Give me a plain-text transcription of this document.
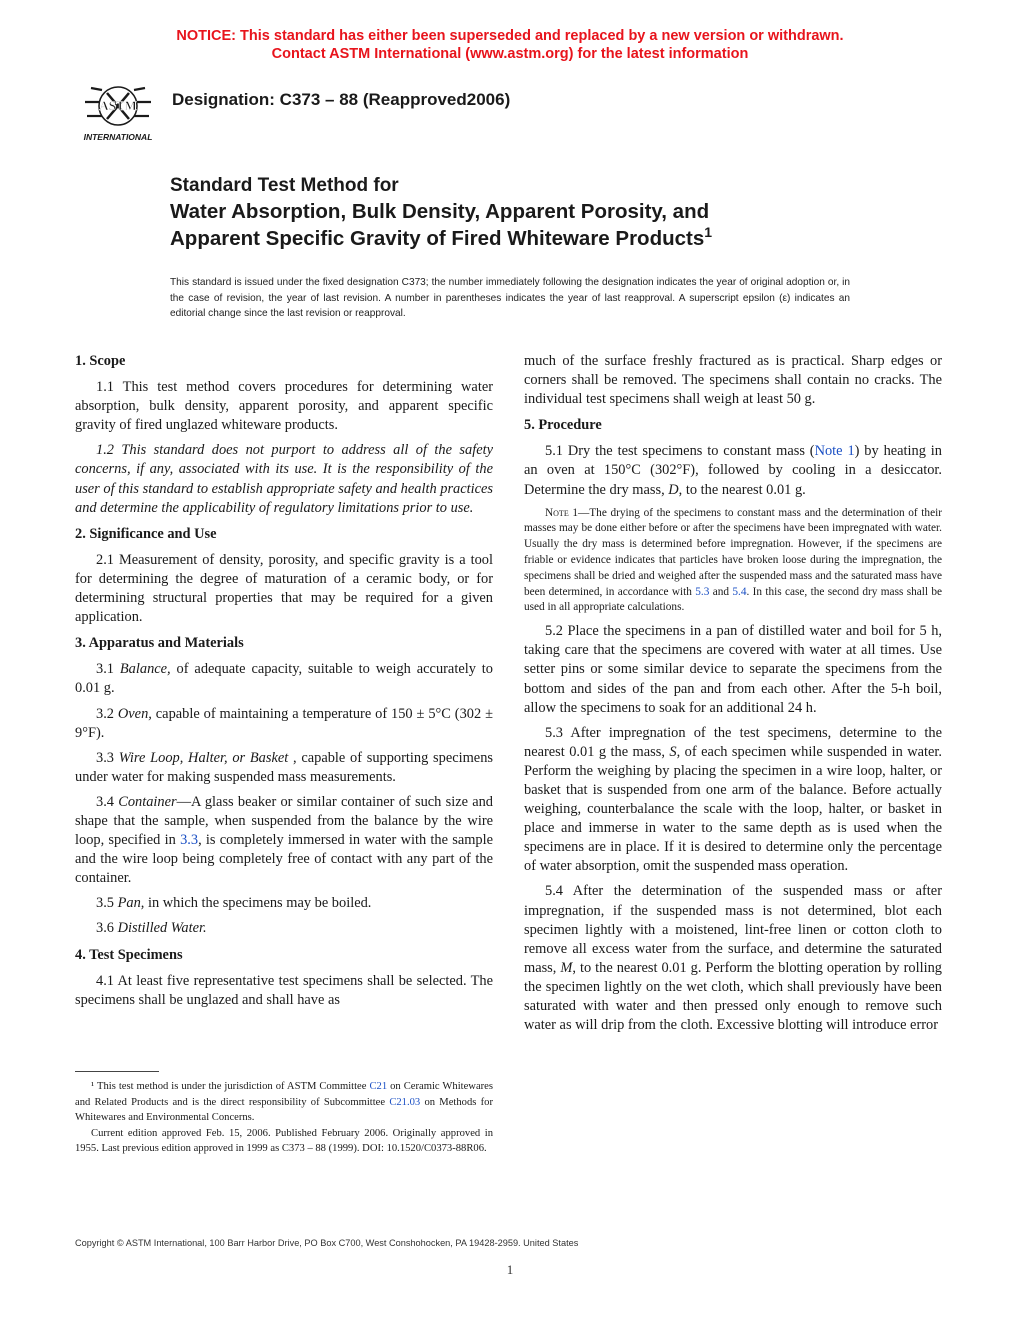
NOTICE: This standard has either been superseded and replaced by a new version or withdrawn.
Contact ASTM International (www.astm.org) for the latest information
ASTM
INTERNATIONAL
Designation: C373 – 88 (Reapproved2006)
Standard Test Method for
Water Absorption, Bulk Density, Apparent Porosity, and
Apparent Specific Gravity of Fired Whiteware Products$^1$
This standard is issued under the fixed designation C373; the number immediately following the designation indicates the year of original adoption or, in the case of revision, the year of last revision. A number in parentheses indicates the year of last reapproval. A superscript epsilon (ε) indicates an editorial change since the last revision or reapproval.
1. Scope

1.1 This test method covers procedures for determining water absorption, bulk density, apparent porosity, and apparent specific gravity of fired unglazed whiteware products.

1.2 This standard does not purport to address all of the safety concerns, if any, associated with its use. It is the responsibility of the user of this standard to establish appropriate safety and health practices and determine the applicability of regulatory limitations prior to use.

2. Significance and Use

2.1 Measurement of density, porosity, and specific gravity is a tool for determining the degree of maturation of a ceramic body, or for determining structural properties that may be required for a given application.

3. Apparatus and Materials

3.1 Balance, of adequate capacity, suitable to weigh accurately to 0.01 g.

3.2 Oven, capable of maintaining a temperature of 150 ± 5°C (302 ± 9°F).

3.3 Wire Loop, Halter, or Basket , capable of supporting specimens under water for making suspended mass measurements.

3.4 Container—A glass beaker or similar container of such size and shape that the sample, when suspended from the balance by the wire loop, specified in 3.3, is completely immersed in water with the sample and the wire loop being completely free of contact with any part of the container.

3.5 Pan, in which the specimens may be boiled.

3.6 Distilled Water.

4. Test Specimens

4.1 At least five representative test specimens shall be selected. The specimens shall be unglazed and shall have as

¹ This test method is under the jurisdiction of ASTM Committee C21 on Ceramic Whitewares and Related Products and is the direct responsibility of Subcommittee C21.03 on Methods for Whitewares and Environmental Concerns.

Current edition approved Feb. 15, 2006. Published February 2006. Originally approved in 1955. Last previous edition approved in 1999 as C373 – 88 (1999). DOI: 10.1520/C0373-88R06.

much of the surface freshly fractured as is practical. Sharp edges or corners shall be removed. The specimens shall contain no cracks. The individual test specimens shall weigh at least 50 g.

5. Procedure

5.1 Dry the test specimens to constant mass (Note 1) by heating in an oven at 150°C (302°F), followed by cooling in a desiccator. Determine the dry mass, D, to the nearest 0.01 g.

Note 1—The drying of the specimens to constant mass and the determination of their masses may be done either before or after the specimens have been impregnated with water. Usually the dry mass is determined before impregnation. However, if the specimens are friable or evidence indicates that particles have broken loose during the impregnation, the specimens shall be dried and weighed after the suspended mass and the saturated mass have been determined, in accordance with 5.3 and 5.4. In this case, the second dry mass shall be used in all appropriate calculations.

5.2 Place the specimens in a pan of distilled water and boil for 5 h, taking care that the specimens are covered with water at all times. Use setter pins or some similar device to separate the specimens from the bottom and sides of the pan and from each other. After the 5-h boil, allow the specimens to soak for an additional 24 h.

5.3 After impregnation of the test specimens, determine to the nearest 0.01 g the mass, S, of each specimen while suspended in water. Perform the weighing by placing the specimen in a wire loop, halter, or basket that is suspended from one arm of the balance. Before actually weighing, counterbalance the scale with the loop, halter, or basket in place and immerse in water to the same depth as is used when the specimens are in place. If it is desired to determine only the percentage of water absorption, omit the suspended mass operation.

5.4 After the determination of the suspended mass or after impregnation, if the suspended mass is not determined, blot each specimen lightly with a moistened, lint-free linen or cotton cloth to remove all excess water from the surface, and determine the saturated mass, M, to the nearest 0.01 g. Perform the blotting operation by rolling the specimen lightly on the wet cloth, which shall previously have been saturated with water and then pressed only enough to remove such water as will drip from the cloth. Excessive blotting will introduce error

Copyright © ASTM International, 100 Barr Harbor Drive, PO Box C700, West Conshohocken, PA 19428-2959. United States
1
